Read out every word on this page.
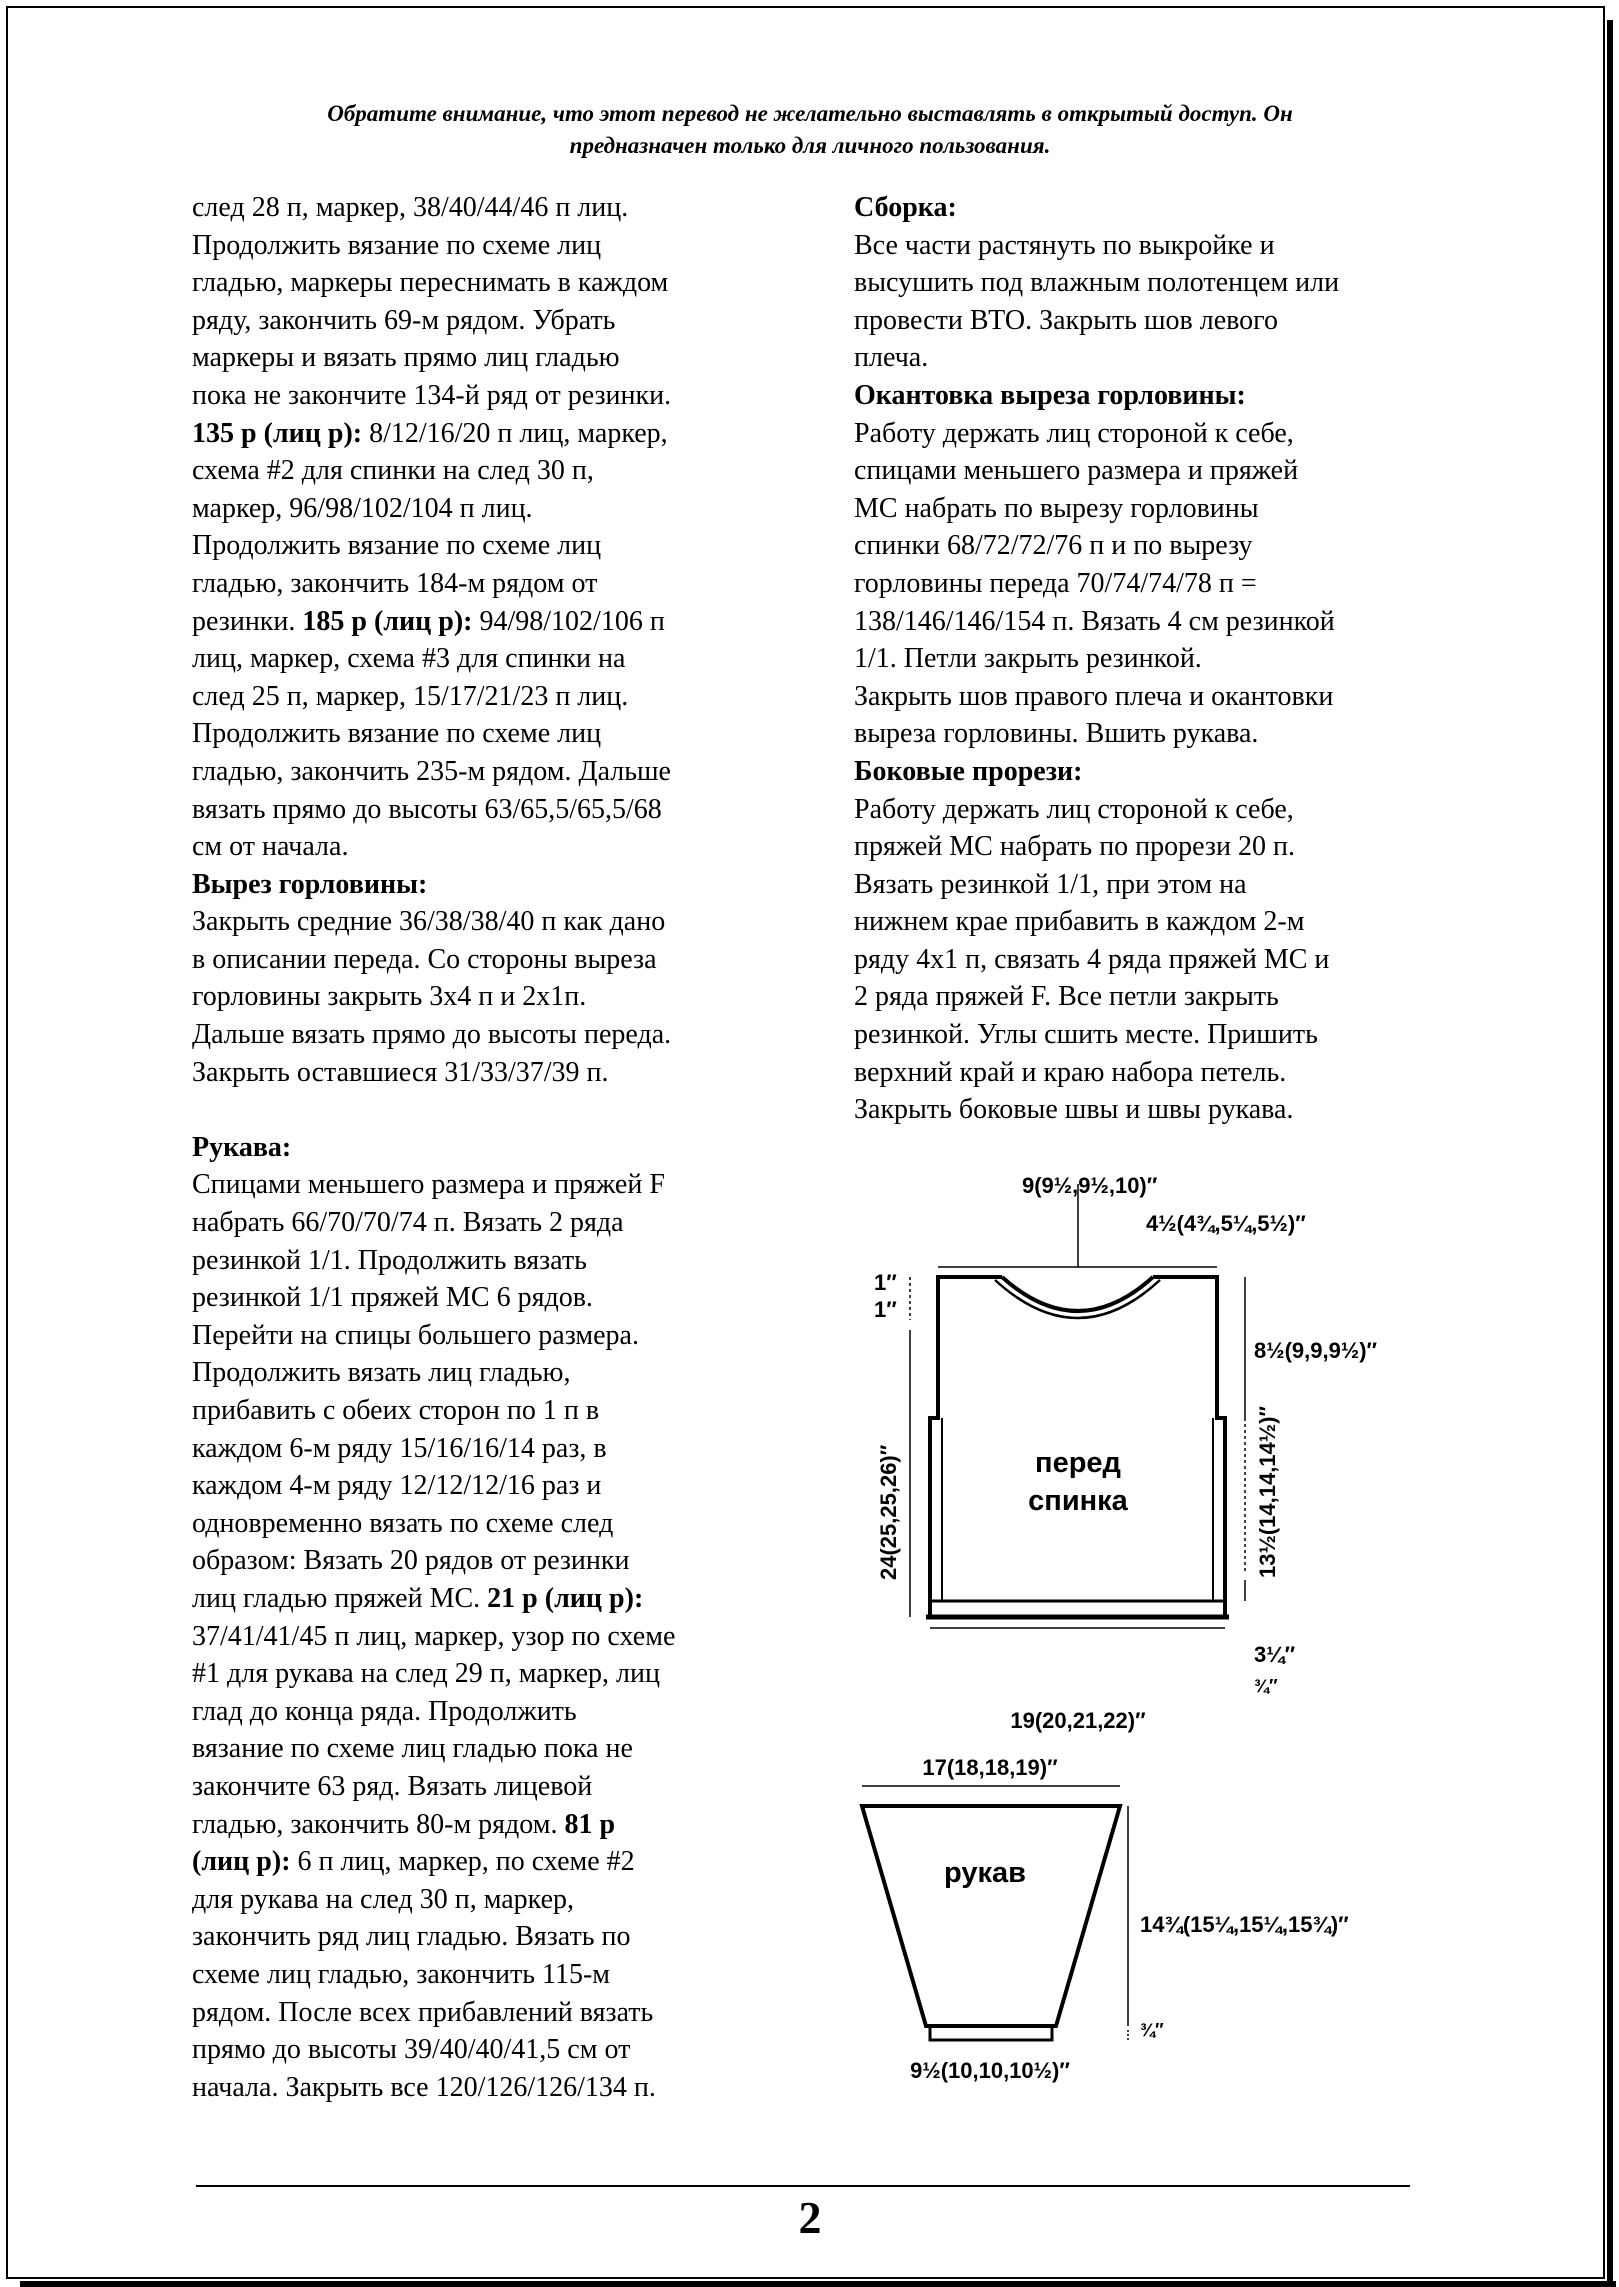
Обратите внимание, что этот перевод не желательно выставлять в открытый доступ. Он
предназначен только для личного пользования.
след 28 п, маркер, 38/40/44/46 п лиц.
Продолжить вязание по схеме лиц
гладью, маркеры переснимать в каждом
ряду, закончить 69-м рядом. Убрать
маркеры и вязать прямо лиц гладью
пока не закончите 134-й ряд от резинки.
135 р (лиц р): 8/12/16/20 п лиц, маркер,
схема #2 для спинки на след 30 п,
маркер, 96/98/102/104 п лиц.
Продолжить вязание по схеме лиц
гладью, закончить 184-м рядом от
резинки. 185 р (лиц р): 94/98/102/106 п
лиц, маркер, схема #3 для спинки на
след 25 п, маркер, 15/17/21/23 п лиц.
Продолжить вязание по схеме лиц
гладью, закончить 235-м рядом. Дальше
вязать прямо до высоты 63/65,5/65,5/68
см от начала.
Вырез горловины:
Закрыть средние 36/38/38/40 п как дано
в описании переда. Со стороны выреза
горловины закрыть 3х4 п и 2х1п.
Дальше вязать прямо до высоты переда.
Закрыть оставшиеся 31/33/37/39 п.
Рукава:
Спицами меньшего размера и пряжей F
набрать 66/70/70/74 п. Вязать 2 ряда
резинкой 1/1. Продолжить вязать
резинкой 1/1 пряжей МС 6 рядов.
Перейти на спицы большего размера.
Продолжить вязать лиц гладью,
прибавить с обеих сторон по 1 п в
каждом 6-м ряду 15/16/16/14 раз, в
каждом 4-м ряду 12/12/12/16 раз и
одновременно вязать по схеме след
образом: Вязать 20 рядов от резинки
лиц гладью пряжей МС. 21 р (лиц р):
37/41/41/45 п лиц, маркер, узор по схеме
#1 для рукава на след 29 п, маркер, лиц
глад до конца ряда. Продолжить
вязание по схеме лиц гладью пока не
закончите 63 ряд. Вязать лицевой
гладью, закончить 80-м рядом. 81 р
(лиц р): 6 п лиц, маркер, по схеме #2
для рукава на след 30 п, маркер,
закончить ряд лиц гладью. Вязать по
схеме лиц гладью, закончить 115-м
рядом. После всех прибавлений вязать
прямо до высоты 39/40/40/41,5 см от
начала. Закрыть все 120/126/126/134 п.
Сборка:
Все части растянуть по выкройке и
высушить под влажным полотенцем или
провести ВТО. Закрыть шов левого
плеча.
Окантовка выреза горловины:
Работу держать лиц стороной к себе,
спицами меньшего размера и пряжей
МС набрать по вырезу горловины
спинки 68/72/72/76 п и по вырезу
горловины переда 70/74/74/78 п =
138/146/146/154 п. Вязать 4 см резинкой
1/1. Петли закрыть резинкой.
Закрыть шов правого плеча и окантовки
выреза горловины. Вшить рукава.
Боковые прорези:
Работу держать лиц стороной к себе,
пряжей МС набрать по прорези 20 п.
Вязать резинкой 1/1, при этом на
нижнем крае прибавить в каждом 2-м
ряду 4х1 п, связать 4 ряда пряжей МС и
2 ряда пряжей F. Все петли закрыть
резинкой. Углы сшить месте. Пришить
верхний край и краю набора петель.
Закрыть боковые швы и швы рукава.
перед
спинка
9(9½,9½,10)″
4½(4¾,5¼,5½)″
1″
1″
8½(9,9,9½)″
24(25,25,26)″	13½(14,14,14½)″
3¼″
¾″
19(20,21,22)″
рукав
17(18,18,19)″
14¾(15¼,15¼,15¾)″
¾″
9½(10,10,10½)″
2
